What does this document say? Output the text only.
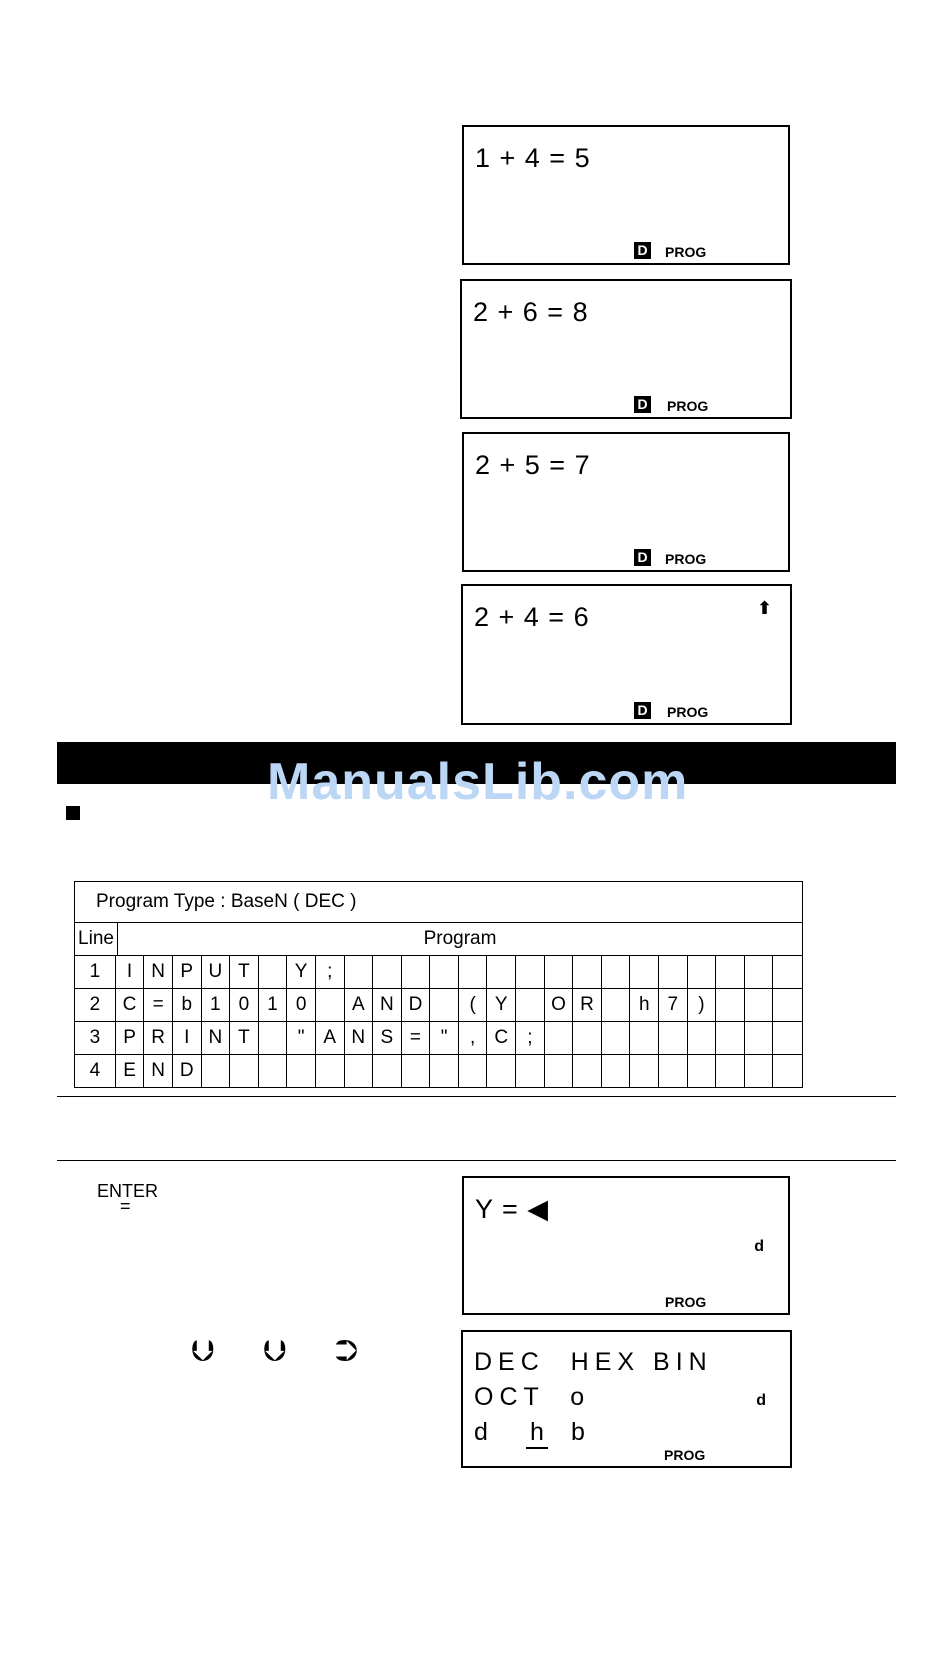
1 + 4 = 5
D PROG
2 + 6 = 8
D PROG
2 + 5 = 7
D PROG
2 + 4 = 6	⬆
D PROG
ManualsLib.com
Program Type : BaseN ( DEC )
Line	Program
1	I	N P U T	Y	;
2	C = b 1 0 1 0	A N D	(	Y	O R	h 7	)
3	P R	I	N T	" A N S =	"	,	C	;
4	E N D
ENTER
=
⮋ ⮋ ⮊
Y = ◀
d
PROG
DEC  HEX BIN
OCT  o
d h b
d
PROG
